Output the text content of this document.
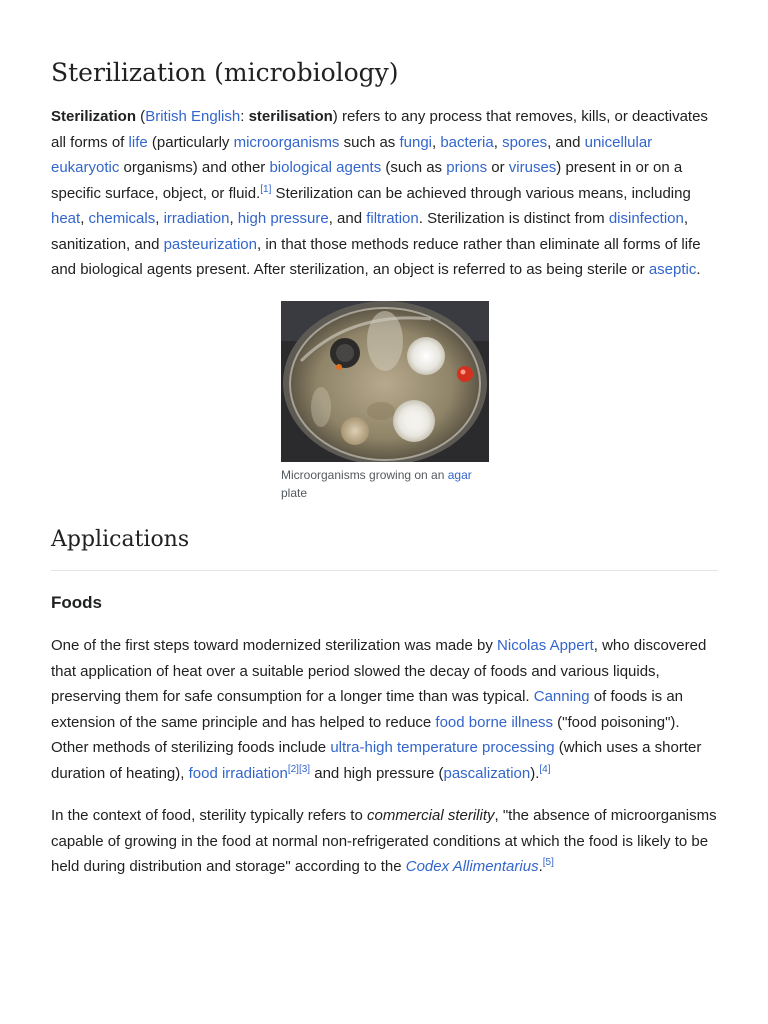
Sterilization (microbiology)

Sterilization (British English: sterilisation) refers to any process that removes, kills, or deactivates all forms of life (particularly microorganisms such as fungi, bacteria, spores, and unicellular eukaryotic organisms) and other biological agents (such as prions or viruses) present in or on a specific surface, object, or fluid.[1] Sterilization can be achieved through various means, including heat, chemicals, irradiation, high pressure, and filtration. Sterilization is distinct from disinfection, sanitization, and pasteurization, in that those methods reduce rather than eliminate all forms of life and biological agents present. After sterilization, an object is referred to as being sterile or aseptic.

Microorganisms growing on an agar plate
Applications
Foods

One of the first steps toward modernized sterilization was made by Nicolas Appert, who discovered that application of heat over a suitable period slowed the decay of foods and various liquids, preserving them for safe consumption for a longer time than was typical. Canning of foods is an extension of the same principle and has helped to reduce food borne illness ("food poisoning"). Other methods of sterilizing foods include ultra-high temperature processing (which uses a shorter duration of heating), food irradiation[2][3] and high pressure (pascalization).[4]

In the context of food, sterility typically refers to commercial sterility, "the absence of microorganisms capable of growing in the food at normal non-refrigerated conditions at which the food is likely to be held during distribution and storage" according to the Codex Allimentarius.[5]
